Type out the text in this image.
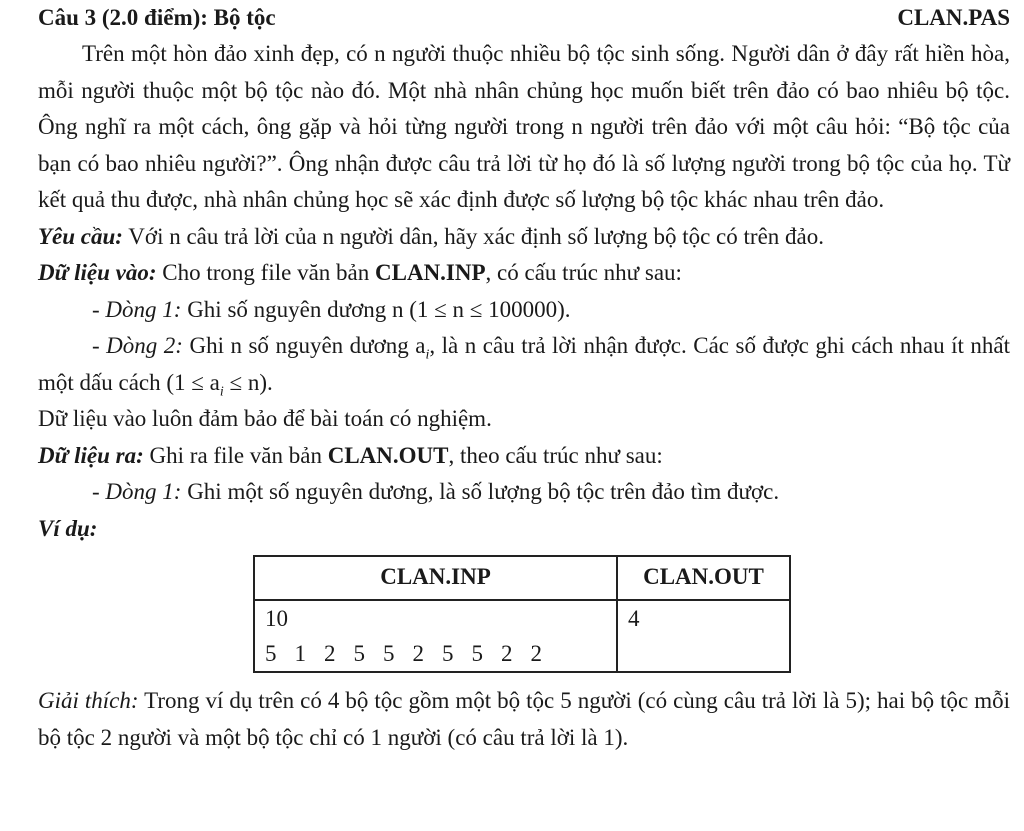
Câu 3 (2.0 điểm): Bộ tộc	CLAN.PAS

Trên một hòn đảo xinh đẹp, có n người thuộc nhiều bộ tộc sinh sống. Người dân ở đây rất hiền hòa, mỗi người thuộc một bộ tộc nào đó. Một nhà nhân chủng học muốn biết trên đảo có bao nhiêu bộ tộc. Ông nghĩ ra một cách, ông gặp và hỏi từng người trong n người trên đảo với một câu hỏi: “Bộ tộc của bạn có bao nhiêu người?”. Ông nhận được câu trả lời từ họ đó là số lượng người trong bộ tộc của họ. Từ kết quả thu được, nhà nhân chủng học sẽ xác định được số lượng bộ tộc khác nhau trên đảo.

Yêu cầu: Với n câu trả lời của n người dân, hãy xác định số lượng bộ tộc có trên đảo.

Dữ liệu vào: Cho trong file văn bản CLAN.INP, có cấu trúc như sau:

- Dòng 1: Ghi số nguyên dương n (1 ≤ n ≤ 100000).

- Dòng 2: Ghi n số nguyên dương $a_i$, là n câu trả lời nhận được. Các số được ghi cách nhau ít nhất một dấu cách $(1 \le a_i \le n)$.

Dữ liệu vào luôn đảm bảo để bài toán có nghiệm.

Dữ liệu ra: Ghi ra file văn bản CLAN.OUT, theo cấu trúc như sau:

- Dòng 1: Ghi một số nguyên dương, là số lượng bộ tộc trên đảo tìm được.

Ví dụ:

CLAN.INP	CLAN.OUT

10
5 1 2 5 5 2 5 5 2 2	4

Giải thích: Trong ví dụ trên có 4 bộ tộc gồm một bộ tộc 5 người (có cùng câu trả lời là 5); hai bộ tộc mỗi bộ tộc 2 người và một bộ tộc chỉ có 1 người (có câu trả lời là 1).
